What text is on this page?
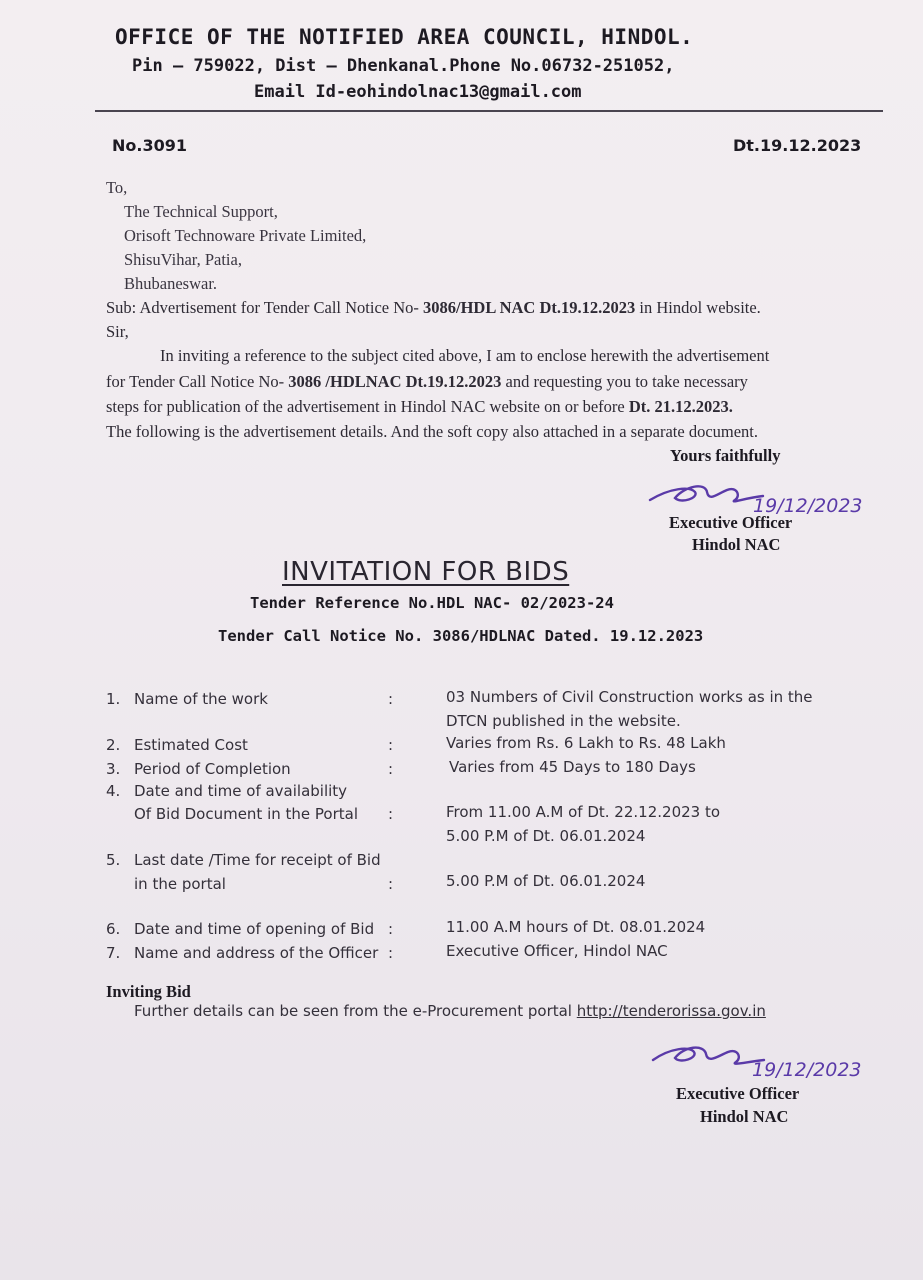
OFFICE OF THE NOTIFIED AREA COUNCIL, HINDOL.
Pin – 759022, Dist – Dhenkanal.Phone No.06732-251052,
Email Id-eohindolnac13@gmail.com
No.3091	Dt.19.12.2023
To,
The Technical Support,
Orisoft Technoware Private Limited,
ShisuVihar, Patia,
Bhubaneswar.
Sub: Advertisement for Tender Call Notice No- 3086/HDL NAC Dt.19.12.2023 in Hindol website.
Sir,
In inviting a reference to the subject cited above, I am to enclose herewith the advertisement
for Tender Call Notice No- 3086 /HDLNAC Dt.19.12.2023 and requesting you to take necessary
steps for publication of the advertisement in Hindol NAC website on or before Dt. 21.12.2023.
The following is the advertisement details. And the soft copy also attached in a separate document.
Yours faithfully
19/12/2023
Executive Officer
Hindol NAC
INVITATION FOR BIDS
Tender Reference No.HDL NAC- 02/2023-24
Tender Call Notice No. 3086/HDLNAC Dated. 19.12.2023
1. Name of the work	:	03 Numbers of Civil Construction works as in the
DTCN published in the website.
2. Estimated Cost	:	Varies from Rs. 6 Lakh to Rs. 48 Lakh
3. Period of Completion	:	Varies from 45 Days to 180 Days
4. Date and time of availability
Of Bid Document in the Portal :	From 11.00 A.M of Dt. 22.12.2023 to
5.00 P.M of Dt. 06.01.2024
5. Last date /Time for receipt of Bid
in the portal	:	5.00 P.M of Dt. 06.01.2024
6. Date and time of opening of Bid :	11.00 A.M hours of Dt. 08.01.2024
7. Name and address of the Officer :	Executive Officer, Hindol NAC
Inviting Bid
Further details can be seen from the e-Procurement portal http://tenderorissa.gov.in
19/12/2023
Executive Officer
Hindol NAC
